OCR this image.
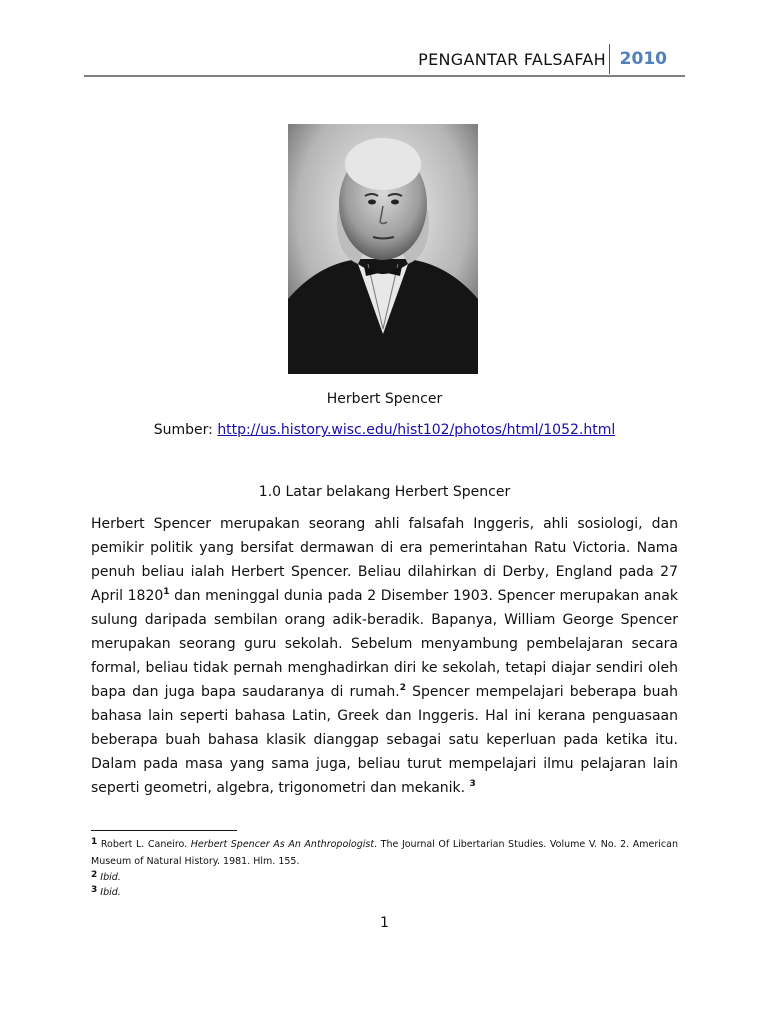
PENGANTAR FALSAFAH 2010
Herbert Spencer
Sumber: http://us.history.wisc.edu/hist102/photos/html/1052.html
1.0 Latar belakang Herbert Spencer
Herbert Spencer merupakan seorang ahli falsafah Inggeris, ahli sosiologi, dan pemikir politik yang bersifat dermawan di era pemerintahan Ratu Victoria. Nama penuh beliau ialah Herbert Spencer. Beliau dilahirkan di Derby, England pada 27 April 1820$^1$ dan meninggal dunia pada 2 Disember 1903. Spencer merupakan anak sulung daripada sembilan orang adik-beradik. Bapanya, William George Spencer merupakan seorang guru sekolah. Sebelum menyambung pembelajaran secara formal, beliau tidak pernah menghadirkan diri ke sekolah, tetapi diajar sendiri oleh bapa dan juga bapa saudaranya di rumah.$^2$ Spencer mempelajari beberapa buah bahasa lain seperti bahasa Latin, Greek dan Inggeris. Hal ini kerana penguasaan beberapa buah bahasa klasik dianggap sebagai satu keperluan pada ketika itu. Dalam pada masa yang sama juga, beliau turut mempelajari ilmu pelajaran lain seperti geometri, algebra, trigonometri dan mekanik. $^3$
1 Robert L. Caneiro. Herbert Spencer As An Anthropologist. The Journal Of Libertarian Studies. Volume V. No. 2. American Museum of Natural History. 1981. Hlm. 155.
2 Ibid.
3 Ibid.
1
